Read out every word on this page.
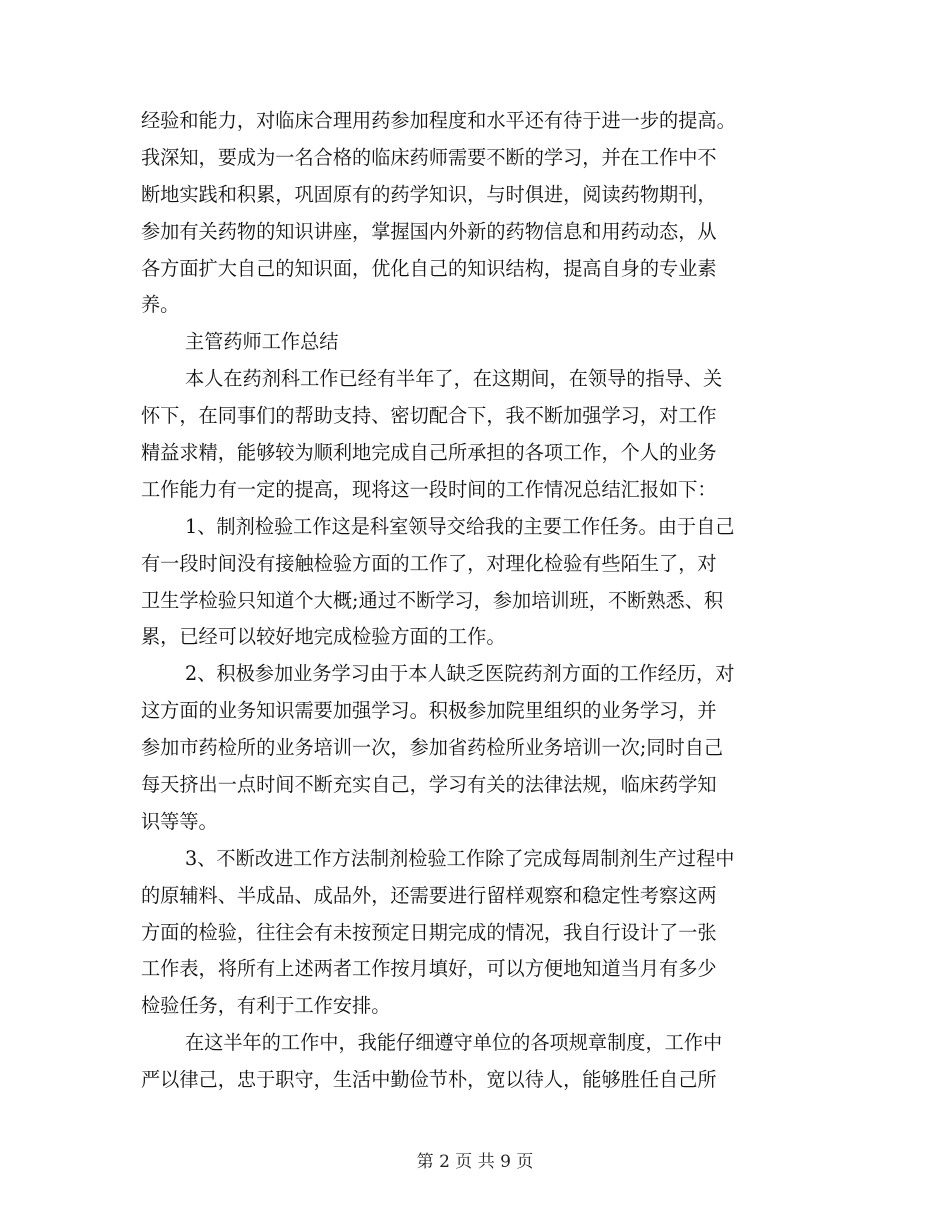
经验和能力，对临床合理用药参加程度和水平还有待于进一步的提高。
我深知，要成为一名合格的临床药师需要不断的学习，并在工作中不
断地实践和积累，巩固原有的药学知识，与时俱进，阅读药物期刊，
参加有关药物的知识讲座，掌握国内外新的药物信息和用药动态，从
各方面扩大自己的知识面，优化自己的知识结构，提高自身的专业素
养。
主管药师工作总结
本人在药剂科工作已经有半年了，在这期间，在领导的指导、关
怀下，在同事们的帮助支持、密切配合下，我不断加强学习，对工作
精益求精，能够较为顺利地完成自己所承担的各项工作，个人的业务
工作能力有一定的提高，现将这一段时间的工作情况总结汇报如下：
1、制剂检验工作这是科室领导交给我的主要工作任务。由于自己
有一段时间没有接触检验方面的工作了，对理化检验有些陌生了，对
卫生学检验只知道个大概;通过不断学习，参加培训班，不断熟悉、积
累，已经可以较好地完成检验方面的工作。
2、积极参加业务学习由于本人缺乏医院药剂方面的工作经历，对
这方面的业务知识需要加强学习。积极参加院里组织的业务学习，并
参加市药检所的业务培训一次，参加省药检所业务培训一次;同时自己
每天挤出一点时间不断充实自己，学习有关的法律法规，临床药学知
识等等。
3、不断改进工作方法制剂检验工作除了完成每周制剂生产过程中
的原辅料、半成品、成品外，还需要进行留样观察和稳定性考察这两
方面的检验，往往会有未按预定日期完成的情况，我自行设计了一张
工作表，将所有上述两者工作按月填好，可以方便地知道当月有多少
检验任务，有利于工作安排。
在这半年的工作中，我能仔细遵守单位的各项规章制度，工作中
严以律己，忠于职守，生活中勤俭节朴，宽以待人，能够胜任自己所
第 2 页 共 9 页
